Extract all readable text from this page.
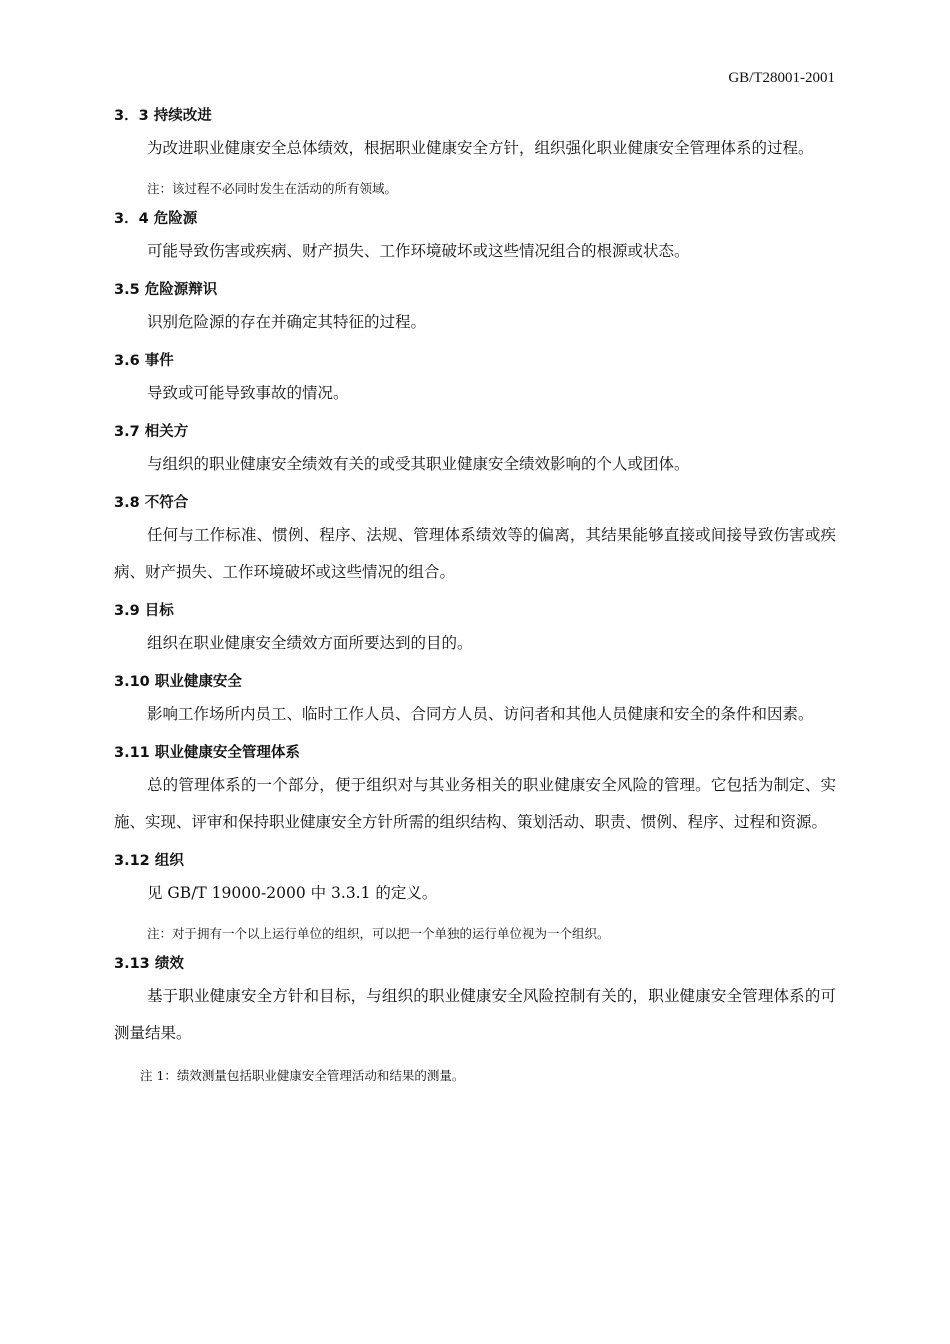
GB/T28001-2001
3．3 持续改进

为改进职业健康安全总体绩效，根据职业健康安全方针，组织强化职业健康安全管理体系的过程。

注：该过程不必同时发生在活动的所有领域。
3．4 危险源

可能导致伤害或疾病、财产损失、工作环境破坏或这些情况组合的根源或状态。

3.5 危险源辩识

识别危险源的存在并确定其特征的过程。

3.6 事件

导致或可能导致事故的情况。

3.7 相关方

与组织的职业健康安全绩效有关的或受其职业健康安全绩效影响的个人或团体。

3.8 不符合

任何与工作标准、惯例、程序、法规、管理体系绩效等的偏离，其结果能够直接或间接导致伤害或疾病、财产损失、工作环境破坏或这些情况的组合。

3.9 目标

组织在职业健康安全绩效方面所要达到的目的。

3.10 职业健康安全

影响工作场所内员工、临时工作人员、合同方人员、访问者和其他人员健康和安全的条件和因素。

3.11 职业健康安全管理体系

总的管理体系的一个部分，便于组织对与其业务相关的职业健康安全风险的管理。它包括为制定、实施、实现、评审和保持职业健康安全方针所需的组织结构、策划活动、职责、惯例、程序、过程和资源。

3.12 组织

见 GB/T 19000-2000 中 3.3.1 的定义。

注：对于拥有一个以上运行单位的组织，可以把一个单独的运行单位视为一个组织。
3.13 绩效

基于职业健康安全方针和目标，与组织的职业健康安全风险控制有关的，职业健康安全管理体系的可测量结果。

注 1：绩效测量包括职业健康安全管理活动和结果的测量。
